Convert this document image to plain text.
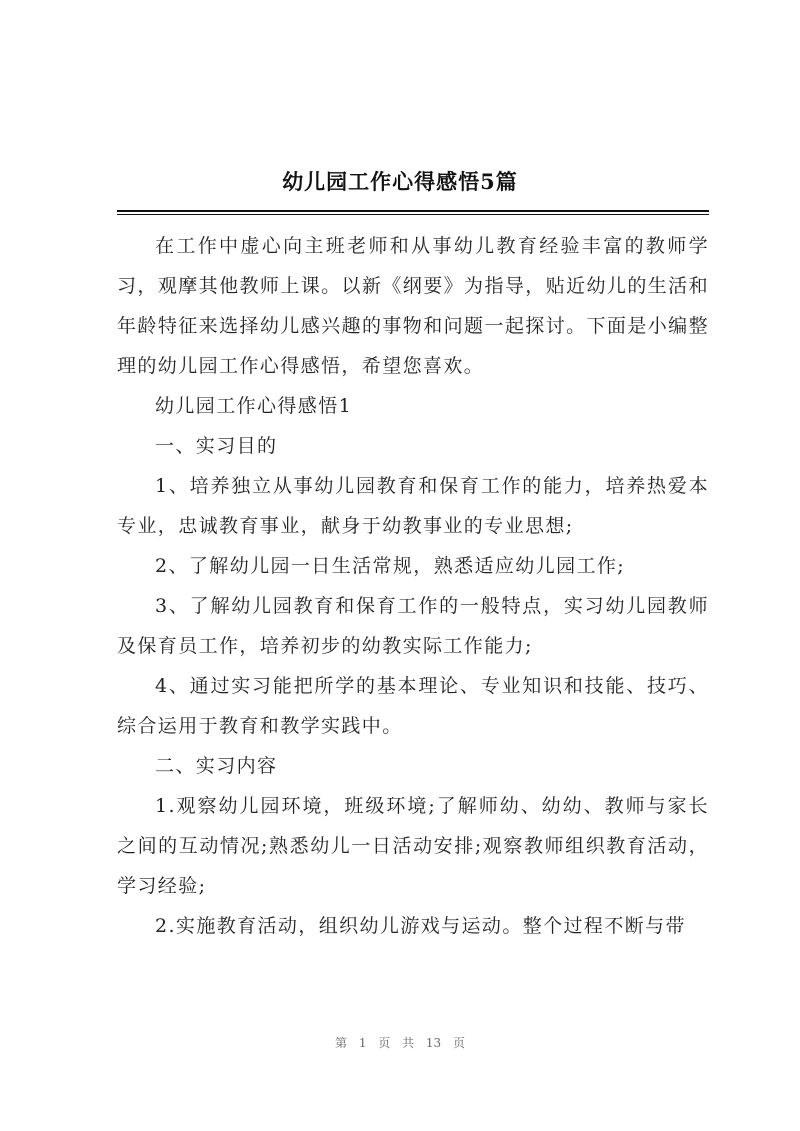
幼儿园工作心得感悟5篇

在工作中虚心向主班老师和从事幼儿教育经验丰富的教师学习，观摩其他教师上课。以新《纲要》为指导，贴近幼儿的生活和年龄特征来选择幼儿感兴趣的事物和问题一起探讨。下面是小编整理的幼儿园工作心得感悟，希望您喜欢。

幼儿园工作心得感悟1

一、实习目的

1、培养独立从事幼儿园教育和保育工作的能力，培养热爱本专业，忠诚教育事业，献身于幼教事业的专业思想;

2、了解幼儿园一日生活常规，熟悉适应幼儿园工作;

3、了解幼儿园教育和保育工作的一般特点，实习幼儿园教师及保育员工作，培养初步的幼教实际工作能力;

4、通过实习能把所学的基本理论、专业知识和技能、技巧、综合运用于教育和教学实践中。

二、实习内容

1.观察幼儿园环境，班级环境;了解师幼、幼幼、教师与家长之间的互动情况;熟悉幼儿一日活动安排;观察教师组织教育活动，学习经验;

2.实施教育活动，组织幼儿游戏与运动。整个过程不断与带

第 1 页 共 13 页
